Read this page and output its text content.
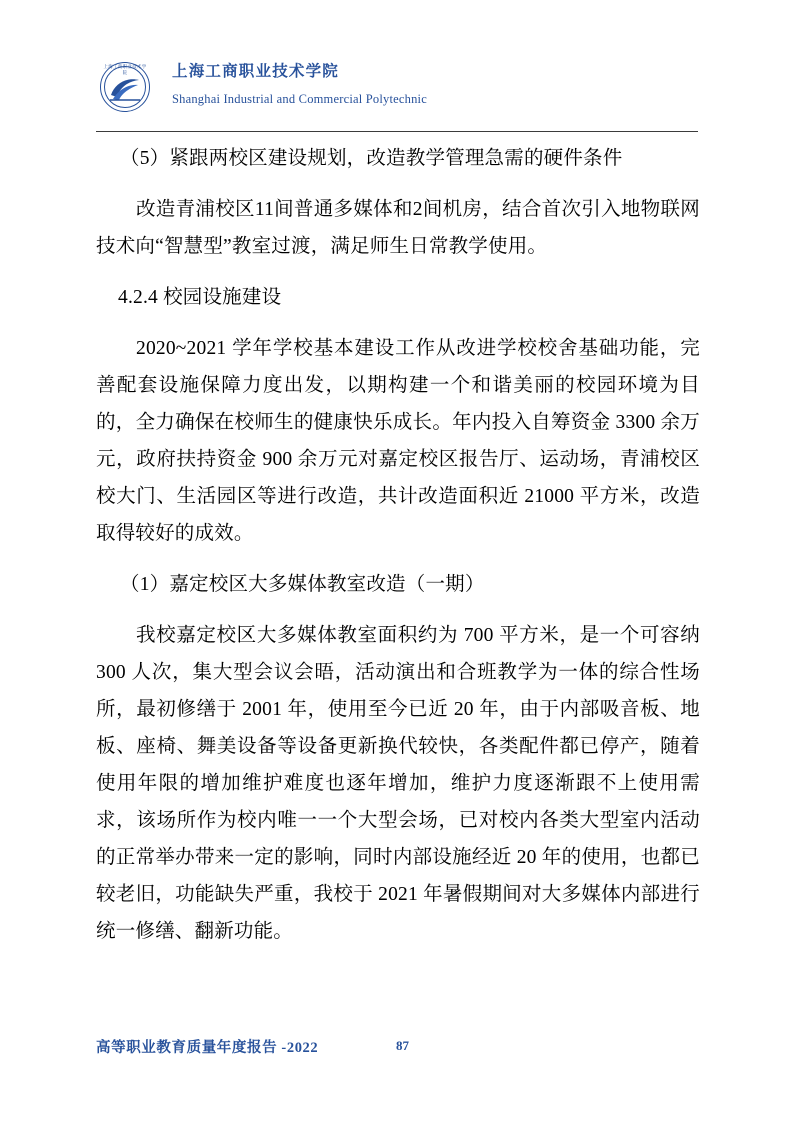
上海工商职业技术学院	上海工商职业技术学院
Shanghai Industrial and Commercial Polytechnic

（5）紧跟两校区建设规划，改造教学管理急需的硬件条件

改造青浦校区11间普通多媒体和2间机房，结合首次引入地物联网技术向“智慧型”教室过渡，满足师生日常教学使用。

4.2.4 校园设施建设

2020~2021 学年学校基本建设工作从改进学校校舍基础功能，完善配套设施保障力度出发，以期构建一个和谐美丽的校园环境为目的，全力确保在校师生的健康快乐成长。年内投入自筹资金 3300 余万元，政府扶持资金 900 余万元对嘉定校区报告厅、运动场，青浦校区校大门、生活园区等进行改造，共计改造面积近 21000 平方米，改造取得较好的成效。

（1）嘉定校区大多媒体教室改造（一期）

我校嘉定校区大多媒体教室面积约为 700 平方米，是一个可容纳 300 人次，集大型会议会晤，活动演出和合班教学为一体的综合性场所，最初修缮于 2001 年，使用至今已近 20 年，由于内部吸音板、地板、座椅、舞美设备等设备更新换代较快，各类配件都已停产，随着使用年限的增加维护难度也逐年增加，维护力度逐渐跟不上使用需求，该场所作为校内唯一一个大型会场，已对校内各类大型室内活动的正常举办带来一定的影响，同时内部设施经近 20 年的使用，也都已较老旧，功能缺失严重，我校于 2021 年暑假期间对大多媒体内部进行统一修缮、翻新功能。

高等职业教育质量年度报告 -2022	87
